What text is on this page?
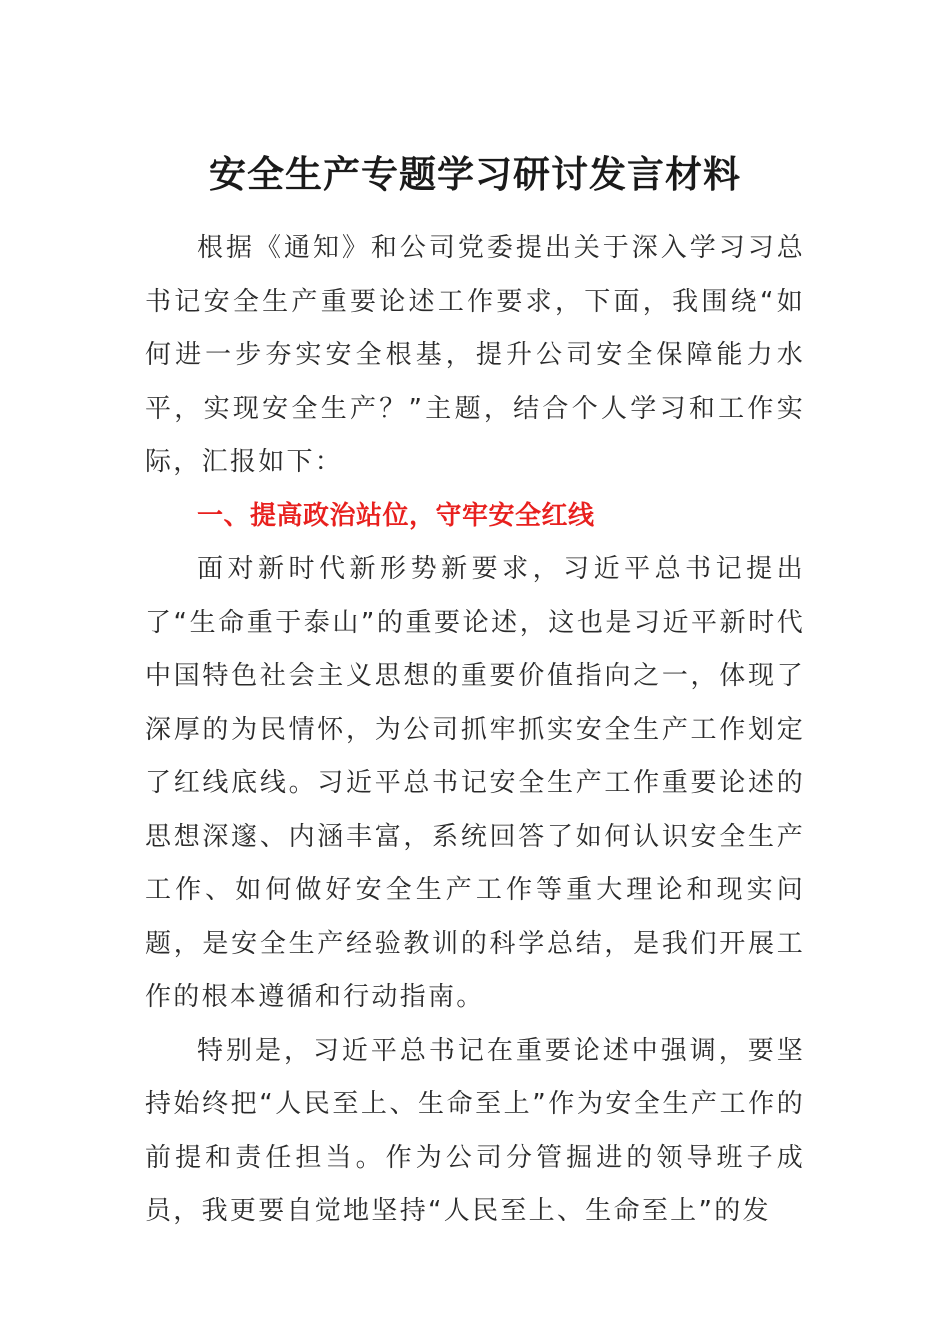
安全生产专题学习研讨发言材料

根据《通知》和公司党委提出关于深入学习习总书记安全生产重要论述工作要求，下面，我围绕“如何进一步夯实安全根基，提升公司安全保障能力水平，实现安全生产？”主题，结合个人学习和工作实际，汇报如下：

一、提高政治站位，守牢安全红线

面对新时代新形势新要求，习近平总书记提出了“生命重于泰山”的重要论述，这也是习近平新时代中国特色社会主义思想的重要价值指向之一，体现了深厚的为民情怀，为公司抓牢抓实安全生产工作划定了红线底线。习近平总书记安全生产工作重要论述的思想深邃、内涵丰富，系统回答了如何认识安全生产工作、如何做好安全生产工作等重大理论和现实问题，是安全生产经验教训的科学总结，是我们开展工作的根本遵循和行动指南。

特别是，习近平总书记在重要论述中强调，要坚持始终把“人民至上、生命至上”作为安全生产工作的前提和责任担当。作为公司分管掘进的领导班子成员，我更要自觉地坚持“人民至上、生命至上”的发
